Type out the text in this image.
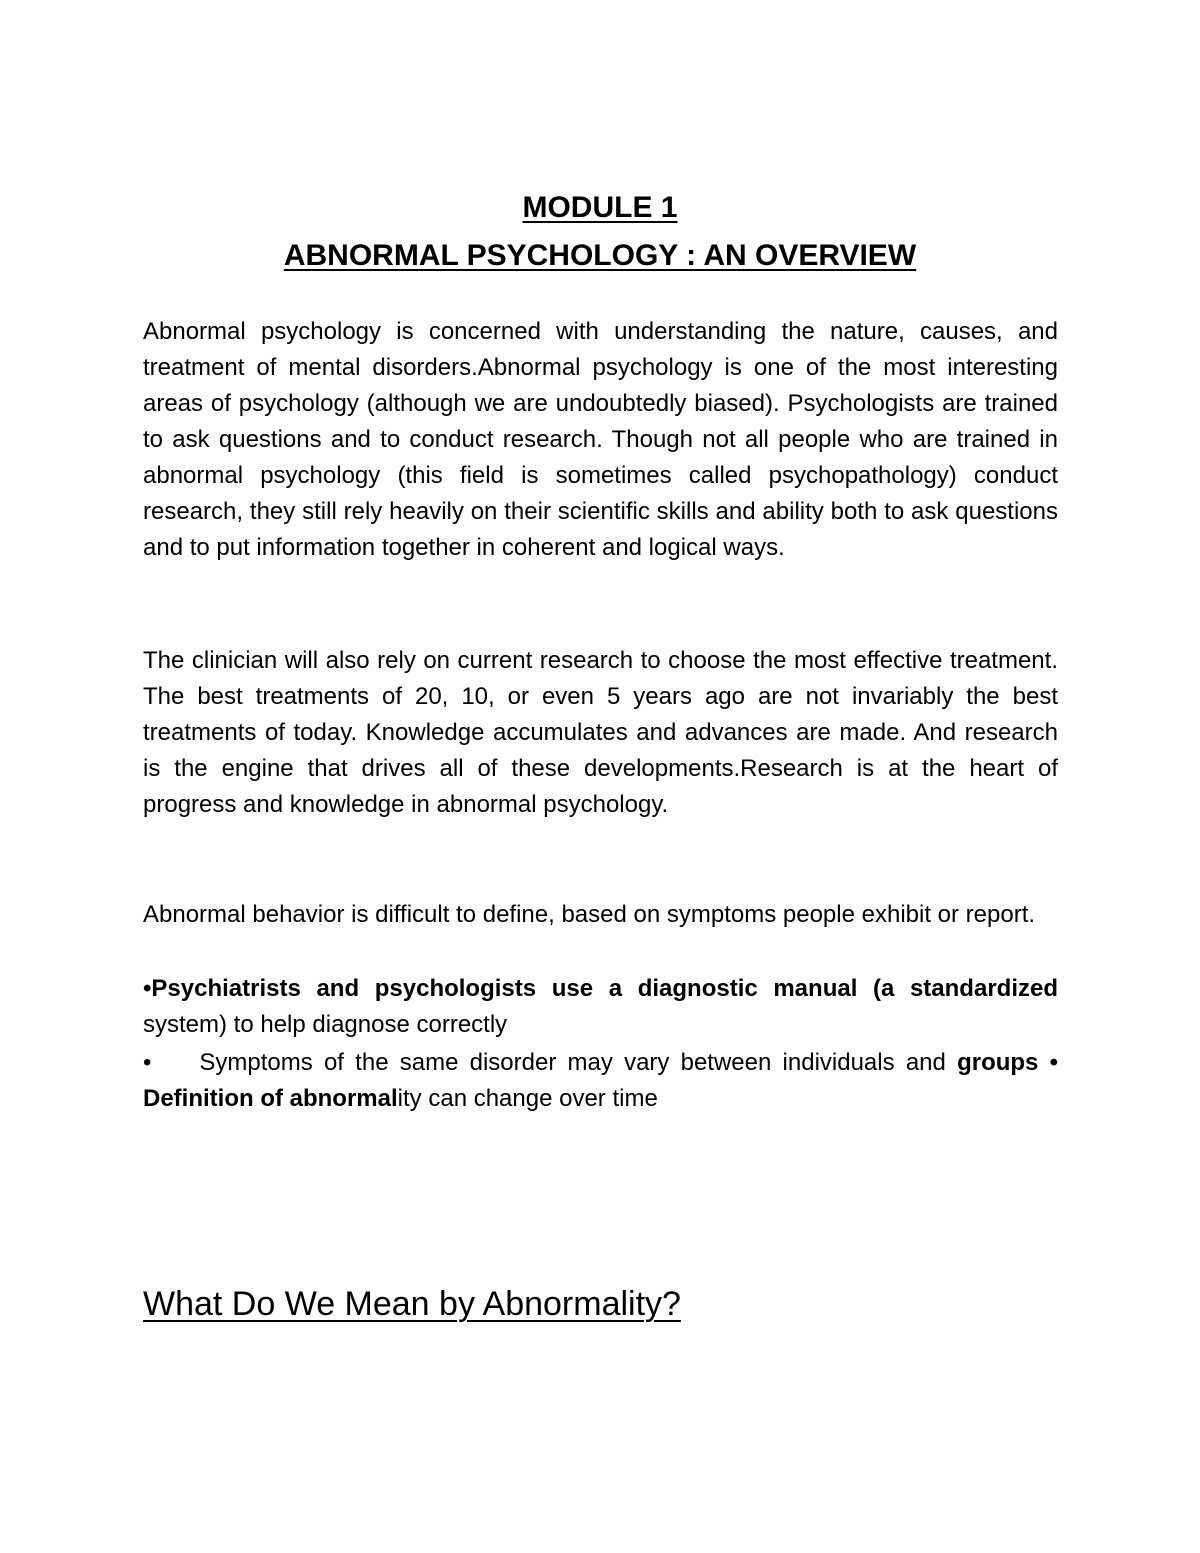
MODULE 1
ABNORMAL PSYCHOLOGY : AN OVERVIEW

Abnormal psychology is concerned with understanding the nature, causes, and treatment of mental disorders.Abnormal psychology is one of the most interesting areas of psychology (although we are undoubtedly biased). Psychologists are trained to ask questions and to conduct research. Though not all people who are trained in abnormal psychology (this field is sometimes called psychopathology) conduct research, they still rely heavily on their scientific skills and ability both to ask questions and to put information together in coherent and logical ways.

The clinician will also rely on current research to choose the most effective treatment. The best treatments of 20, 10, or even 5 years ago are not invariably the best treatments of today. Knowledge accumulates and advances are made. And research is the engine that drives all of these developments.Research is at the heart of progress and knowledge in abnormal psychology.

Abnormal behavior is difficult to define, based on symptoms people exhibit or report.

•Psychiatrists and psychologists use a diagnostic manual (a standardized system) to help diagnose correctly

• Symptoms of the same disorder may vary between individuals and groups • Definition of abnormality can change over time

What Do We Mean by Abnormality?
